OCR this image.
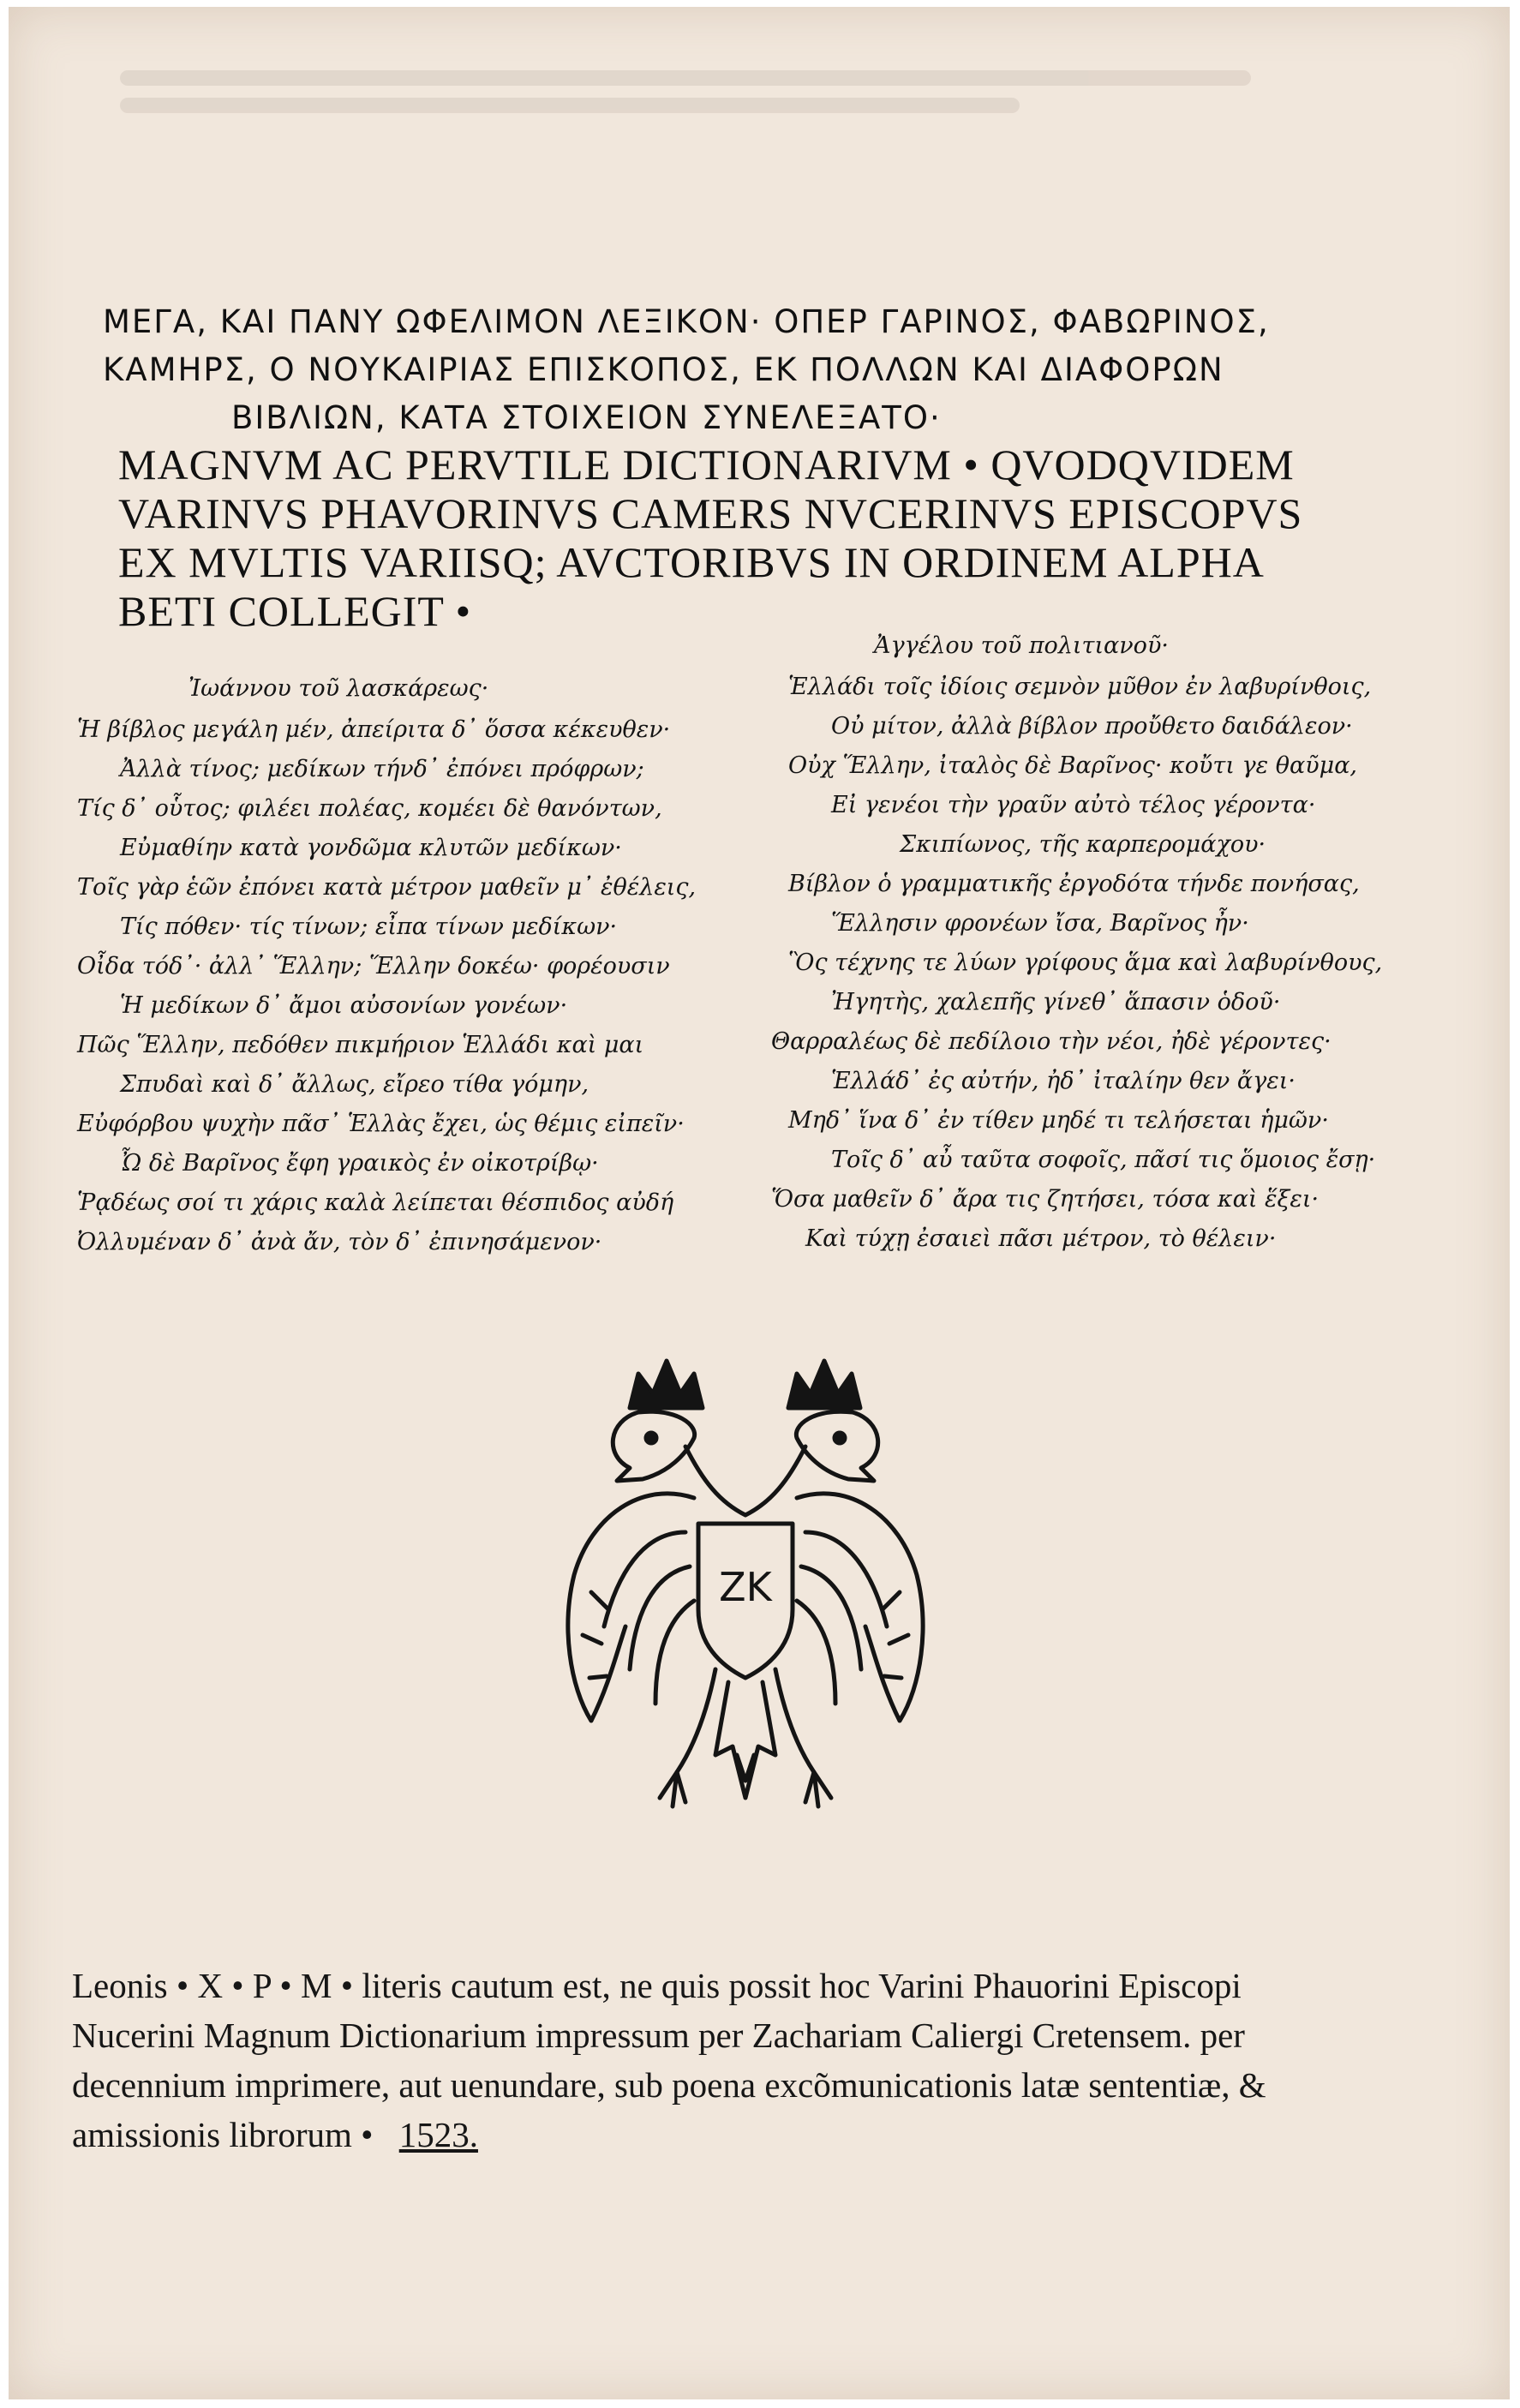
ΜΕΓΑ, ΚΑΙ ΠΑΝΥ ΩΦΕΛΙΜΟΝ ΛΕΞΙΚΟΝ· ΟΠΕΡ ΓΑΡΙΝΟΣ, ΦΑΒΩΡΙΝΟΣ,
ΚΑΜΗΡΣ, Ο ΝΟΥΚΑΙΡΙΑΣ ΕΠΙΣΚΟΠΟΣ, ΕΚ ΠΟΛΛΩΝ ΚΑΙ ΔΙΑΦΟΡΩΝ
ΒΙΒΛΙΩΝ, ΚΑΤΑ ΣΤΟΙΧΕΙΟΝ ΣΥΝΕΛΕΞΑΤΟ·
MAGNVM AC PERVTILE DICTIONARIVM • QVODQVIDEM
VARINVS PHAVORINVS CAMERS NVCERINVS EPISCOPVS
EX MVLTIS VARIISQ; AVCTORIBVS IN ORDINEM ALPHA
BETI COLLEGIT •
Ἰωάννου τοῦ λασκάρεως·
Ἡ βίβλος μεγάλη μέν, ἀπείριτα δ᾽ ὅσσα κέκευθεν·
Ἀλλὰ τίνος; μεδίκων τήνδ᾽ ἐπόνει πρόφρων;
Τίς δ᾽ οὗτος; φιλέει πολέας, κομέει δὲ θανόντων,
Εὐμαθίην κατὰ γονδῶμα κλυτῶν μεδίκων·
Τοῖς γὰρ ἑῶν ἐπόνει κατὰ μέτρον μαθεῖν μ᾽ ἐθέλεις,
Τίς πόθεν· τίς τίνων; εἶπα τίνων μεδίκων·
Οἶδα τόδ᾽· ἀλλ᾽ Ἕλλην; Ἕλλην δοκέω· φορέουσιν
Ἡ μεδίκων δ᾽ ἄμοι αὐσονίων γονέων·
Πῶς Ἕλλην, πεδόθεν πικμήριον Ἑλλάδι καὶ μαι
Σπυδαὶ καὶ δ᾽ ἄλλως, εἴρεο τίθα γόμην,
Εὐφόρβου ψυχὴν πᾶσ᾽ Ἑλλὰς ἔχει, ὡς θέμις εἰπεῖν·
Ὦ δὲ Βαρῖνος ἔφη γραικὸς ἐν οἰκοτρίβῳ·
Ῥᾳδέως σοί τι χάρις καλὰ λείπεται θέσπιδος αὐδή
Ὀλλυμέναν δ᾽ ἀνὰ ἄν, τὸν δ᾽ ἐπινησάμενον·
Ἀγγέλου τοῦ πολιτιανοῦ·
Ἑλλάδι τοῖς ἰδίοις σεμνὸν μῦθον ἐν λαβυρίνθοις,
Οὐ μίτον, ἀλλὰ βίβλον προὔθετο δαιδάλεον·
Οὐχ Ἕλλην, ἰταλὸς δὲ Βαρῖνος· κοὔτι γε θαῦμα,
Εἰ γενέοι τὴν γραῦν αὐτὸ τέλος γέροντα·
Σκιπίωνος, τῆς καρπερομάχου·
Βίβλον ὁ γραμματικῆς ἐργοδότα τήνδε πονήσας,
Ἕλλησιν φρονέων ἴσα, Βαρῖνος ἦν·
Ὃς τέχνης τε λύων γρίφους ἅμα καὶ λαβυρίνθους,
Ἠγητὴς, χαλεπῆς γίνεθ᾽ ἅπασιν ὁδοῦ·
Θαρραλέως δὲ πεδίλοιο τὴν νέοι, ἠδὲ γέροντες·
Ἑλλάδ᾽ ἐς αὐτήν, ἠδ᾽ ἰταλίην θεν ἄγει·
Μηδ᾽ ἵνα δ᾽ ἐν τίθεν μηδέ τι τελήσεται ἡμῶν·
Τοῖς δ᾽ αὖ ταῦτα σοφοῖς, πᾶσί τις ὅμοιος ἔσῃ·
Ὅσα μαθεῖν δ᾽ ἄρα τις ζητήσει, τόσα καὶ ἕξει·
Καὶ τύχῃ ἐσαιεὶ πᾶσι μέτρον, τὸ θέλειν·
ZK
Leonis • X • P • M • literis cautum est, ne quis possit hoc Varini Phauorini Episcopi
Nucerini Magnum Dictionarium impressum per Zachariam Caliergi Cretensem. per
decennium imprimere, aut uenundare, sub poena excõmunicationis latæ sententiæ, &
amissionis librorum • 1523.
